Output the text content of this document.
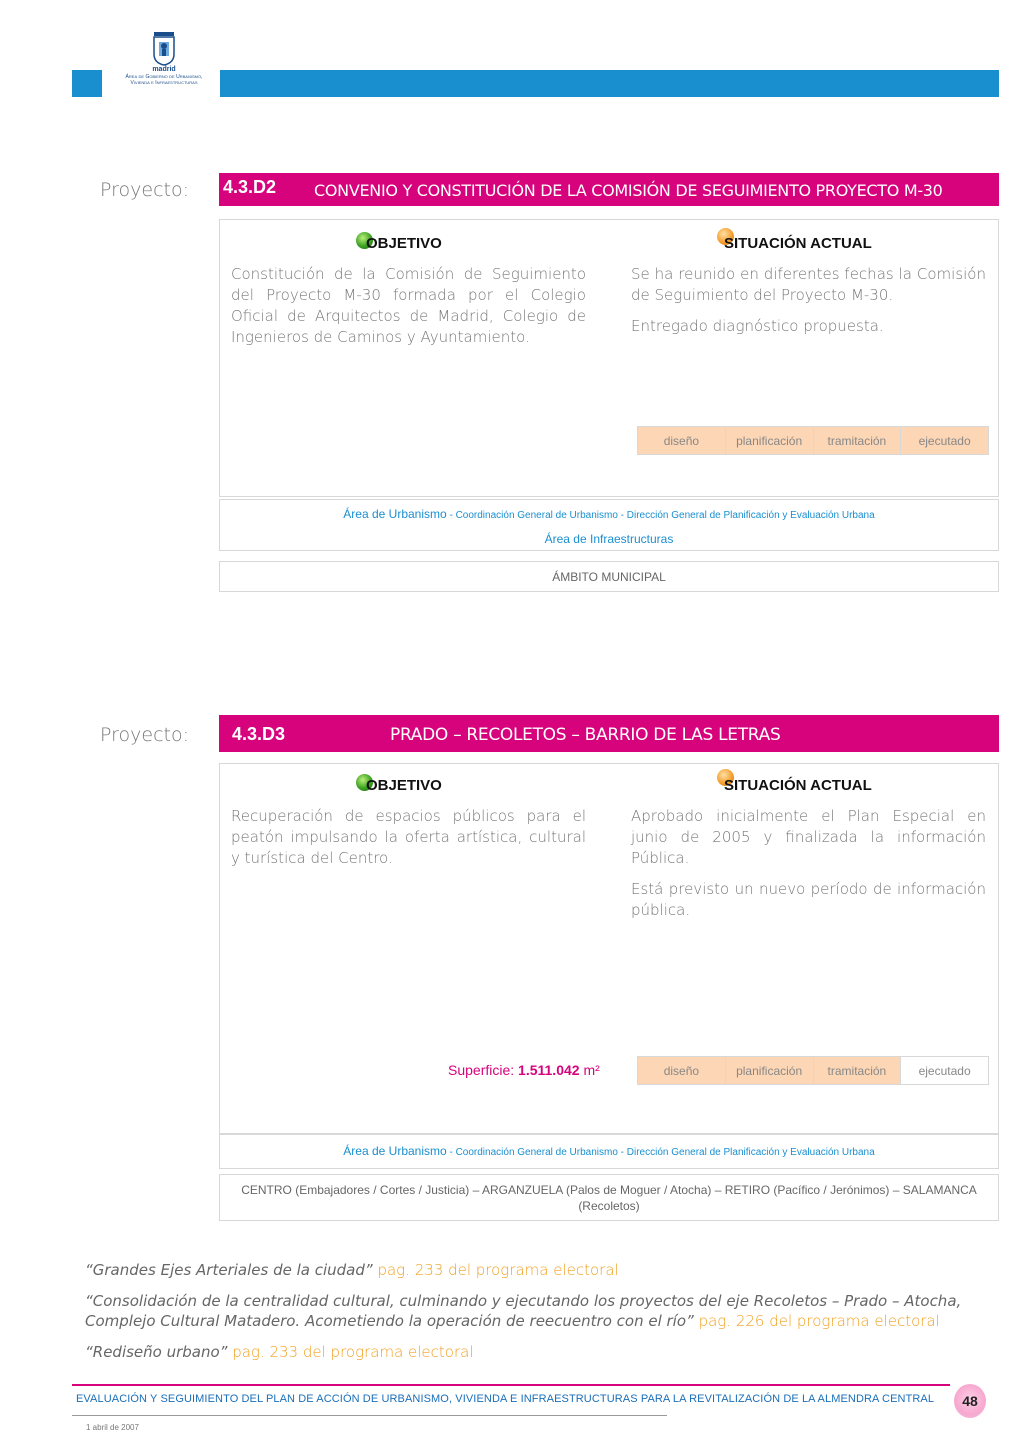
madrid
Área de Gobierno de Urbanismo,
Vivienda e Infraestructuras
Proyecto: 4.3.D2 CONVENIO Y CONSTITUCIÓN DE LA COMISIÓN DE SEGUIMIENTO PROYECTO M-30
OBJETIVO
Constitución de la Comisión de Seguimiento del Proyecto M-30 formada por el Colegio Oficial de Arquitectos de Madrid, Colegio de Ingenieros de Caminos y Ayuntamiento.
SITUACIÓN ACTUAL

Se ha reunido en diferentes fechas la Comisión de Seguimiento del Proyecto M-30.

Entregado diagnóstico propuesta.

diseño	planificación	tramitación	ejecutado
Área de Urbanismo - Coordinación General de Urbanismo - Dirección General de Planificación y Evaluación Urbana
Área de Infraestructuras
ÁMBITO MUNICIPAL
Proyecto: 4.3.D3	PRADO – RECOLETOS – BARRIO DE LAS LETRAS
OBJETIVO
Recuperación de espacios públicos para el peatón impulsando la oferta artística, cultural y turística del Centro.
SITUACIÓN ACTUAL

Aprobado inicialmente el Plan Especial en junio de 2005 y finalizada la información Pública.

Está previsto un nuevo período de información pública.

Superficie: 1.511.042 m²	diseño	planificación	tramitación	ejecutado
Área de Urbanismo - Coordinación General de Urbanismo - Dirección General de Planificación y Evaluación Urbana
CENTRO (Embajadores / Cortes / Justicia) – ARGANZUELA (Palos de Moguer / Atocha) – RETIRO (Pacífico / Jerónimos) – SALAMANCA (Recoletos)
“Grandes Ejes Arteriales de la ciudad” pag. 233 del programa electoral
“Consolidación de la centralidad cultural, culminando y ejecutando los proyectos del eje Recoletos – Prado – Atocha, Complejo Cultural Matadero. Acometiendo la operación de reecuentro con el río” pag. 226 del programa electoral
“Rediseño urbano” pag. 233 del programa electoral
EVALUACIÓN Y SEGUIMIENTO DEL PLAN DE ACCIÓN DE URBANISMO, VIVIENDA E INFRAESTRUCTURAS PARA LA REVITALIZACIÓN DE LA ALMENDRA CENTRAL	48
1 abril de 2007
